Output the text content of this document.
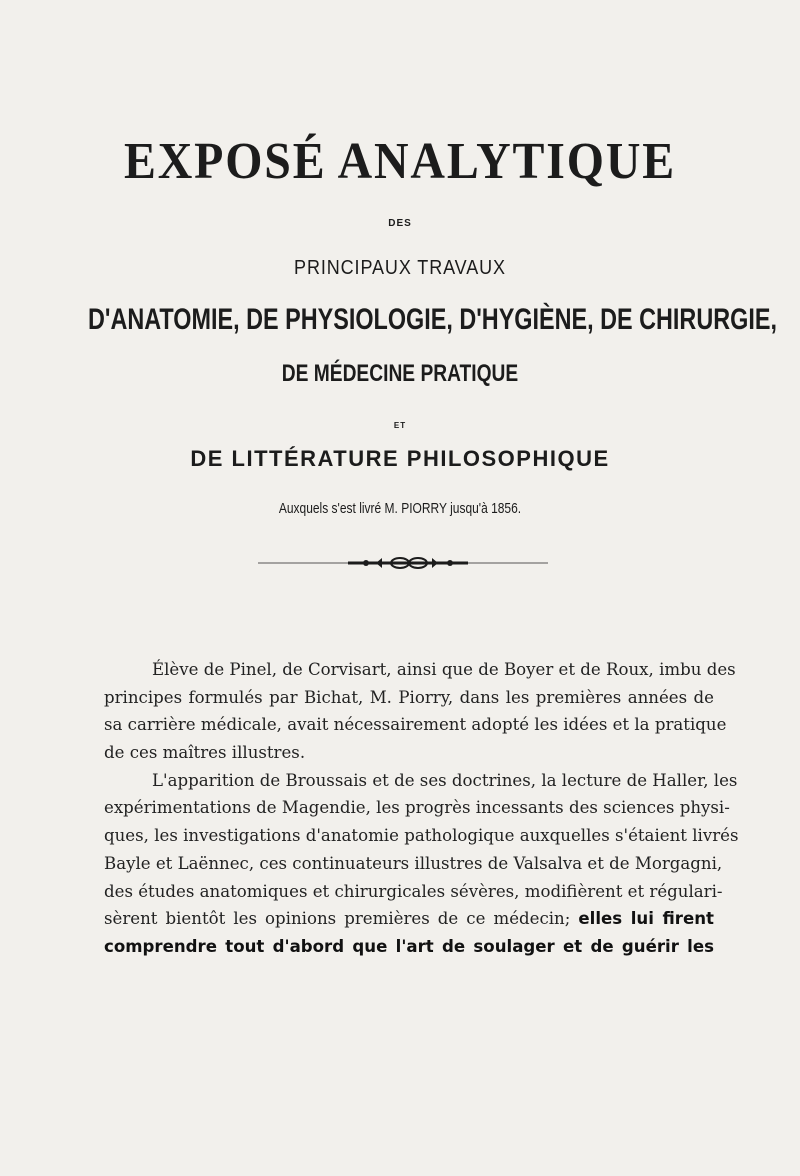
EXPOSÉ ANALYTIQUE
DES
PRINCIPAUX TRAVAUX
D'ANATOMIE, DE PHYSIOLOGIE, D'HYGIÈNE, DE CHIRURGIE,
DE MÉDECINE PRATIQUE
ET
DE LITTÉRATURE PHILOSOPHIQUE
Auxquels s'est livré M. PIORRY jusqu'à 1856.
Élève de Pinel, de Corvisart, ainsi que de Boyer et de Roux, imbu des
principes formulés par Bichat, M. Piorry, dans les premières années de
sa carrière médicale, avait nécessairement adopté les idées et la pratique
de ces maîtres illustres.
L'apparition de Broussais et de ses doctrines, la lecture de Haller, les
expérimentations de Magendie, les progrès incessants des sciences physi-
ques, les investigations d'anatomie pathologique auxquelles s'étaient livrés
Bayle et Laënnec, ces continuateurs illustres de Valsalva et de Morgagni,
des études anatomiques et chirurgicales sévères, modifièrent et régulari-
sèrent bientôt les opinions premières de ce médecin; elles lui firent
comprendre tout d'abord que l'art de soulager et de guérir les
